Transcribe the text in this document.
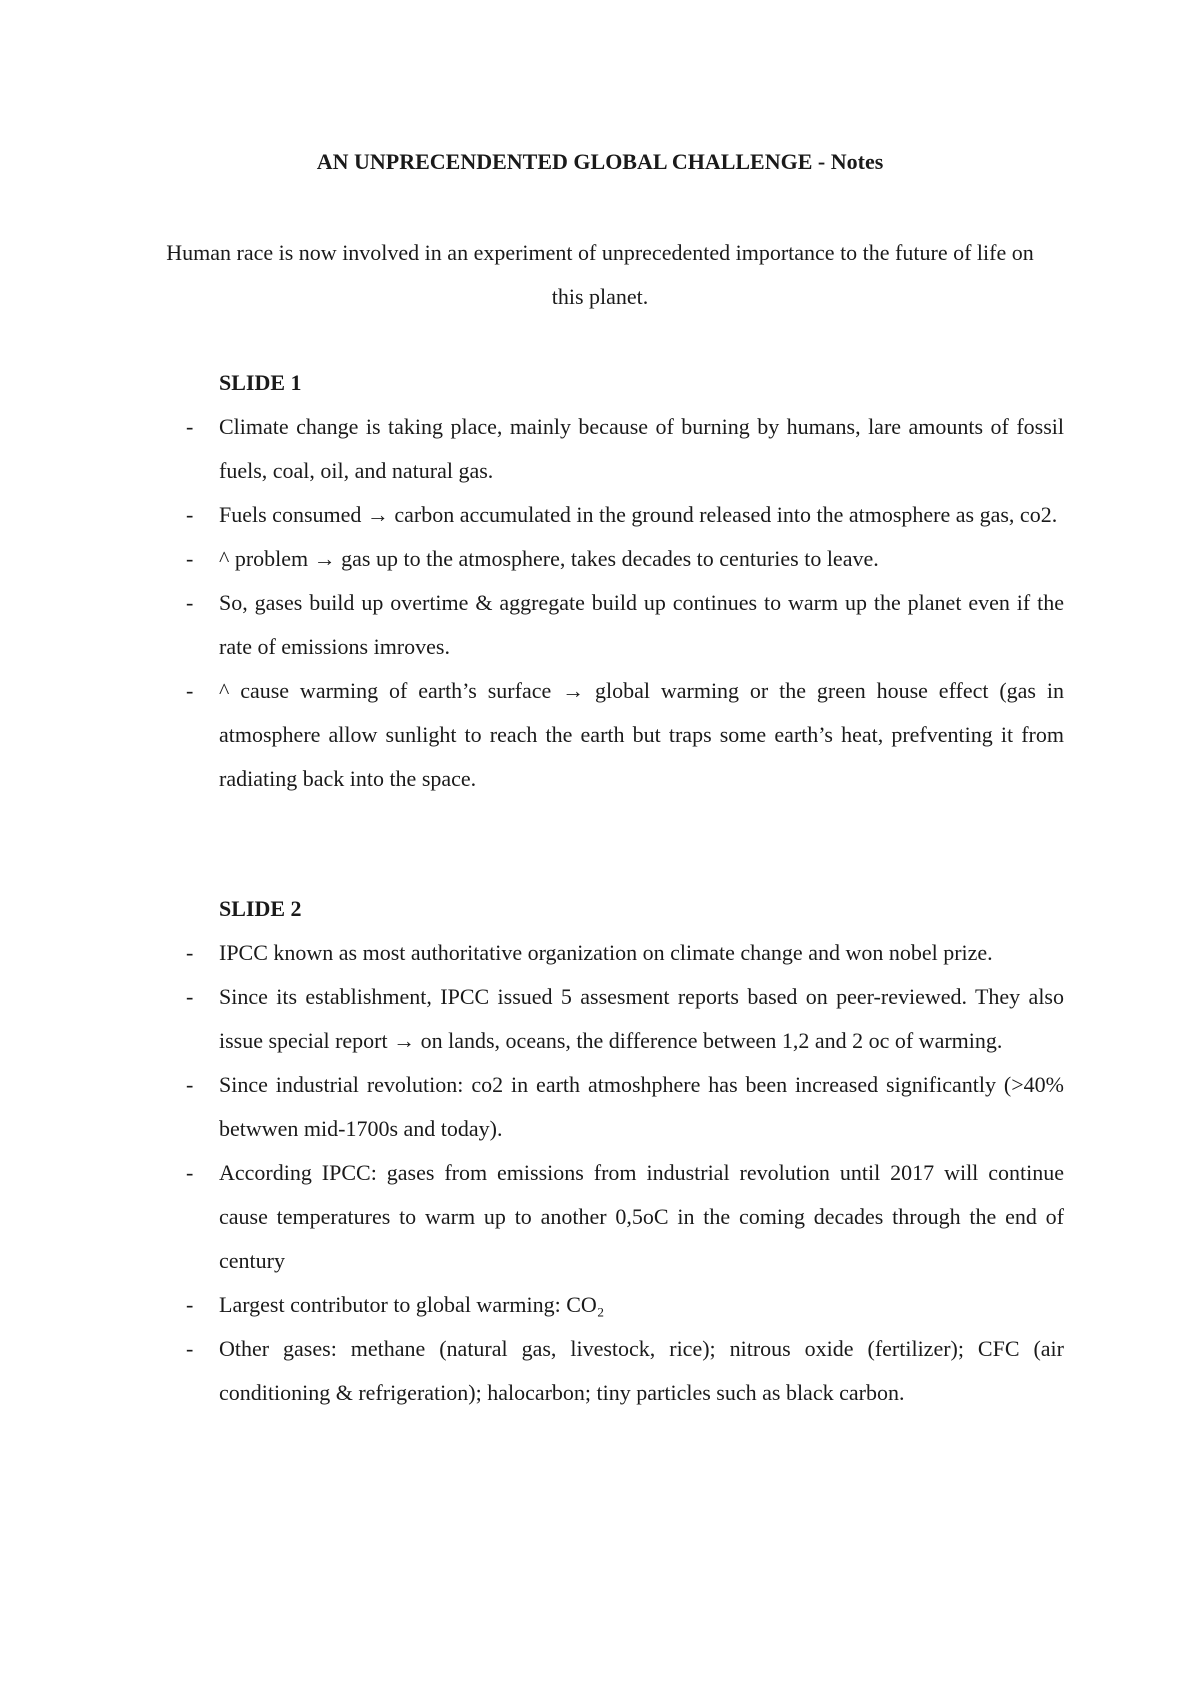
AN UNPRECENDENTED GLOBAL CHALLENGE - Notes
Human race is now involved in an experiment of unprecedented importance to the future of life on this planet.
SLIDE 1
- Climate change is taking place, mainly because of burning by humans, lare amounts of fossil fuels, coal, oil, and natural gas.
- Fuels consumed → carbon accumulated in the ground released into the atmosphere as gas, co2.
- ^ problem → gas up to the atmosphere, takes decades to centuries to leave.
- So, gases build up overtime & aggregate build up continues to warm up the planet even if the rate of emissions imroves.
- ^ cause warming of earth’s surface → global warming or the green house effect (gas in atmosphere allow sunlight to reach the earth but traps some earth’s heat, prefventing it from radiating back into the space.
SLIDE 2
- IPCC known as most authoritative organization on climate change and won nobel prize.
- Since its establishment, IPCC issued 5 assesment reports based on peer-reviewed. They also issue special report → on lands, oceans, the difference between 1,2 and 2 oc of warming.
- Since industrial revolution: co2 in earth atmoshphere has been increased significantly (>40% betwwen mid-1700s and today).
- According IPCC: gases from emissions from industrial revolution until 2017 will continue cause temperatures to warm up to another 0,5oC in the coming decades through the end of century
- Largest contributor to global warming: CO₂
- Other gases: methane (natural gas, livestock, rice); nitrous oxide (fertilizer); CFC (air conditioning & refrigeration); halocarbon; tiny particles such as black carbon.
